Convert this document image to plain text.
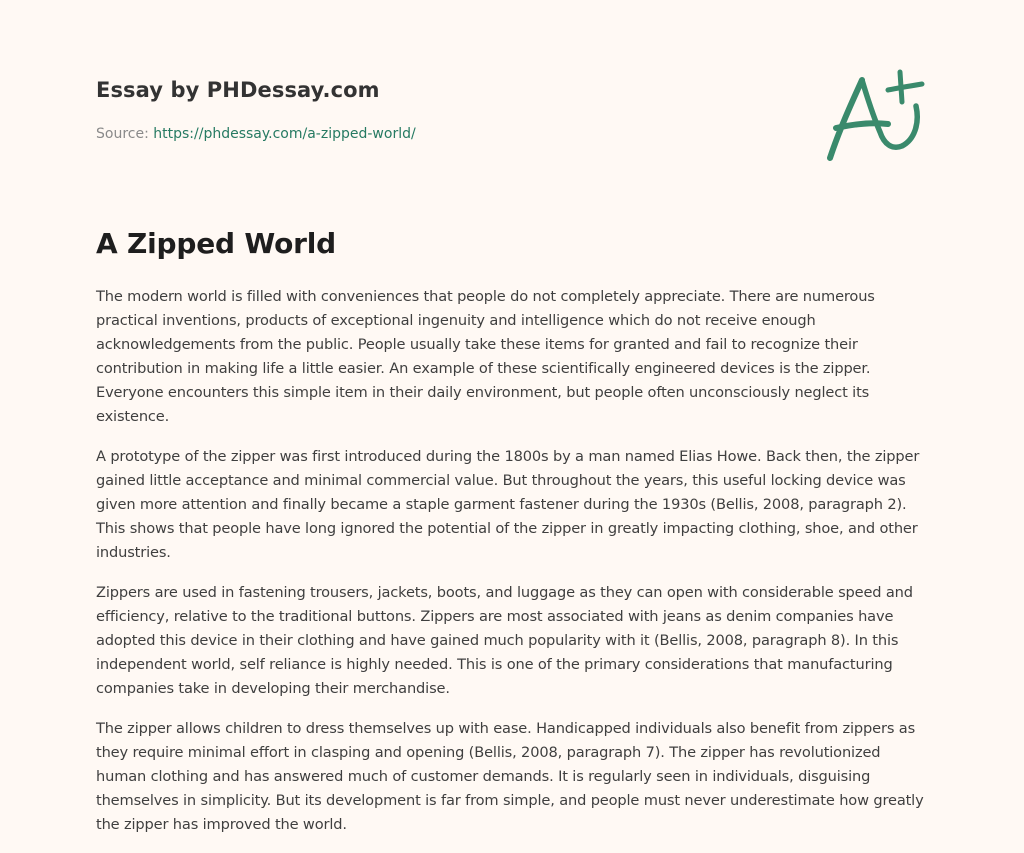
Essay by PHDessay.com
Source: https://phdessay.com/a-zipped-world/
A Zipped World

The modern world is filled with conveniences that people do not completely appreciate. There are numerous practical inventions, products of exceptional ingenuity and intelligence which do not receive enough acknowledgements from the public. People usually take these items for granted and fail to recognize their contribution in making life a little easier. An example of these scientifically engineered devices is the zipper. Everyone encounters this simple item in their daily environment, but people often unconsciously neglect its existence.

A prototype of the zipper was first introduced during the 1800s by a man named Elias Howe. Back then, the zipper gained little acceptance and minimal commercial value. But throughout the years, this useful locking device was given more attention and finally became a staple garment fastener during the 1930s (Bellis, 2008, paragraph 2). This shows that people have long ignored the potential of the zipper in greatly impacting clothing, shoe, and other industries.

Zippers are used in fastening trousers, jackets, boots, and luggage as they can open with considerable speed and efficiency, relative to the traditional buttons. Zippers are most associated with jeans as denim companies have adopted this device in their clothing and have gained much popularity with it (Bellis, 2008, paragraph 8). In this independent world, self reliance is highly needed. This is one of the primary considerations that manufacturing companies take in developing their merchandise.

The zipper allows children to dress themselves up with ease. Handicapped individuals also benefit from zippers as they require minimal effort in clasping and opening (Bellis, 2008, paragraph 7). The zipper has revolutionized human clothing and has answered much of customer demands. It is regularly seen in individuals, disguising themselves in simplicity. But its development is far from simple, and people must never underestimate how greatly the zipper has improved the world.
